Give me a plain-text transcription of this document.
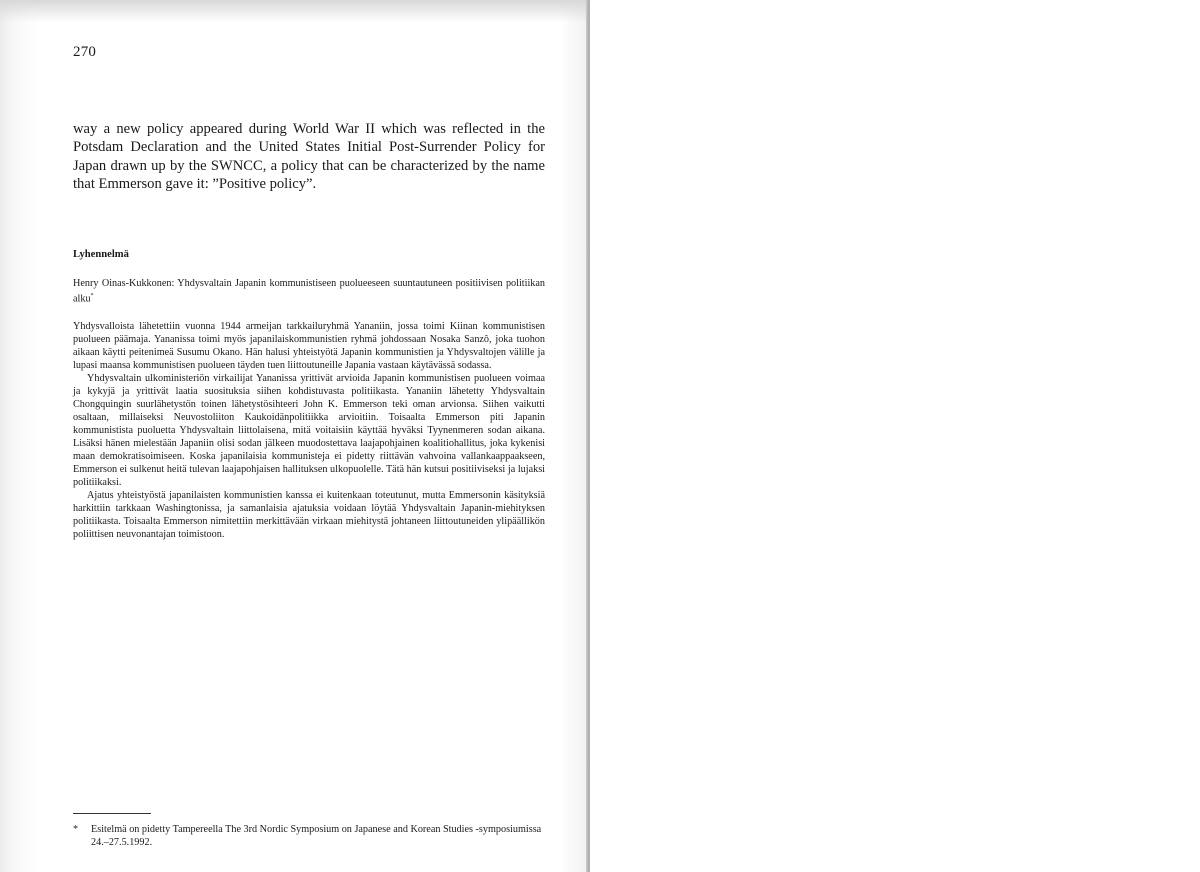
270

way a new policy appeared during World War II which was reflected in the Potsdam Declaration and the United States Initial Post-Surrender Policy for Japan drawn up by the SWNCC, a policy that can be characterized by the name that Emmerson gave it: ”Positive policy”.

Lyhennelmä
Henry Oinas-Kukkonen: Yhdysvaltain Japanin kommunistiseen puolueeseen suuntautuneen positiivisen politiikan alku*

Yhdysvalloista lähetettiin vuonna 1944 armeijan tarkkailuryhmä Yananiin, jossa toimi Kiinan kommunistisen puolueen päämaja. Yananissa toimi myös japanilaiskommunistien ryhmä johdossaan Nosaka Sanzô, joka tuohon aikaan käytti peitenimeä Susumu Okano. Hän halusi yhteistyötä Japanin kommunistien ja Yhdysvaltojen välille ja lupasi maansa kommunistisen puolueen täyden tuen liittoutuneille Japania vastaan käytävässä sodassa.

Yhdysvaltain ulkoministeriön virkailijat Yananissa yrittivät arvioida Japanin kommunistisen puolueen voimaa ja kykyjä ja yrittivät laatia suosituksia siihen kohdistuvasta politiikasta. Yananiin lähetetty Yhdysvaltain Chongquingin suurlähetystön toinen lähetystösihteeri John K. Emmerson teki oman arvionsa. Siihen vaikutti osaltaan, millaiseksi Neuvostoliiton Kaukoidänpolitiikka arvioitiin. Toisaalta Emmerson piti Japanin kommunistista puoluetta Yhdysvaltain liittolaisena, mitä voitaisiin käyttää hyväksi Tyynenmeren sodan aikana. Lisäksi hänen mielestään Japaniin olisi sodan jälkeen muodostettava laajapohjainen koalitiohallitus, joka kykenisi maan demokratisoimiseen. Koska japanilaisia kommunisteja ei pidetty riittävän vahvoina vallankaappaakseen, Emmerson ei sulkenut heitä tulevan laajapohjaisen hallituksen ulkopuolelle. Tätä hän kutsui positiiviseksi ja lujaksi politiikaksi.

Ajatus yhteistyöstä japanilaisten kommunistien kanssa ei kuitenkaan toteutunut, mutta Emmersonin käsityksiä harkittiin tarkkaan Washingtonissa, ja samanlaisia ajatuksia voidaan löytää Yhdysvaltain Japanin-miehityksen politiikasta. Toisaalta Emmerson nimitettiin merkittävään virkaan miehitystä johtaneen liittoutuneiden ylipäällikön poliittisen neuvonantajan toimistoon.

* Esitelmä on pidetty Tampereella The 3rd Nordic Symposium on Japanese and Korean Studies -symposiumissa 24.–27.5.1992.
